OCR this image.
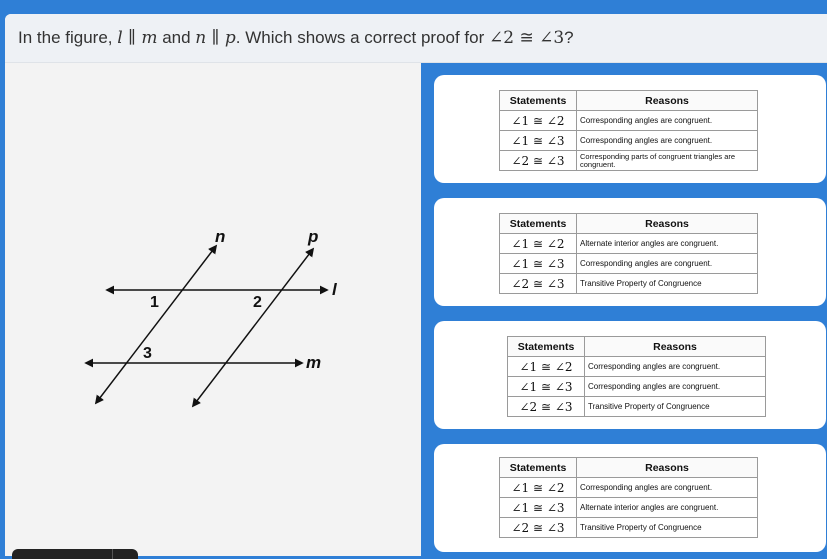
In the figure, l ∥ m and n ∥ p. Which shows a correct proof for ∠2 ≅ ∠3?
n	p
l
m
1	2
3
Statements	Reasons
∠1 ≅ ∠2	Corresponding angles are congruent.
∠1 ≅ ∠3	Corresponding angles are congruent.
∠2 ≅ ∠3	Corresponding parts of congruent triangles are congruent.
Statements	Reasons
∠1 ≅ ∠2	Alternate interior angles are congruent.
∠1 ≅ ∠3	Corresponding angles are congruent.
∠2 ≅ ∠3	Transitive Property of Congruence
Statements	Reasons
∠1 ≅ ∠2	Corresponding angles are congruent.
∠1 ≅ ∠3	Corresponding angles are congruent.
∠2 ≅ ∠3	Transitive Property of Congruence
Statements	Reasons
∠1 ≅ ∠2	Corresponding angles are congruent.
∠1 ≅ ∠3	Alternate interior angles are congruent.
∠2 ≅ ∠3	Transitive Property of Congruence
